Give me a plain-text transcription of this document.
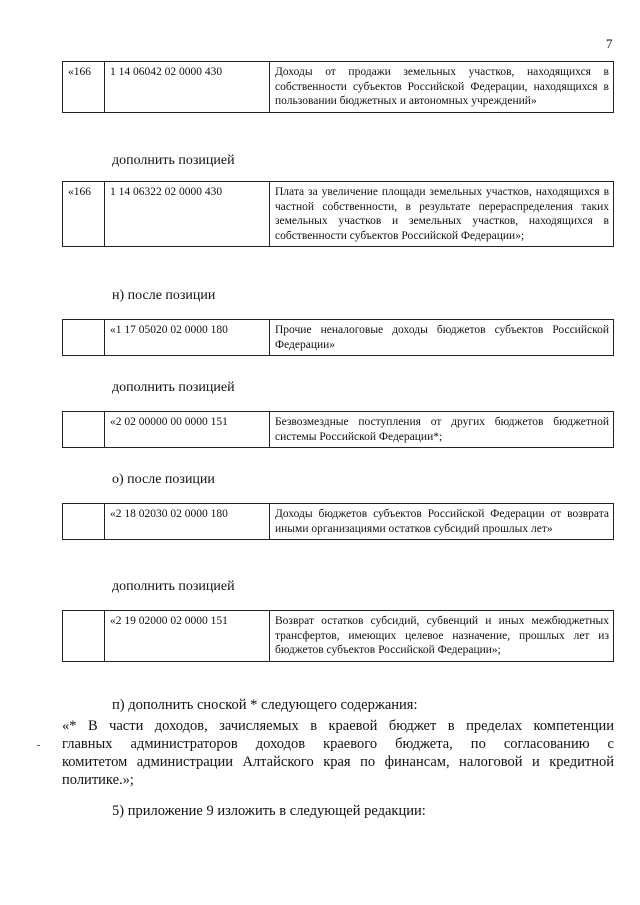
7
«166	1 14 06042 02 0000 430	Доходы от продажи земельных участков, находящихся в собственности субъектов Российской Федерации, находящихся в пользовании бюджетных и автономных учреждений»
дополнить позицией
«166	1 14 06322 02 0000 430	Плата за увеличение площади земельных участков, находящихся в частной собственности, в результате перераспределения таких земельных участков и земельных участков, находящихся в собственности субъектов Российской Федерации»;
н) после позиции
	«1 17 05020 02 0000 180	Прочие неналоговые доходы бюджетов субъектов Российской Федерации»
дополнить позицией
	«2 02 00000 00 0000 151	Безвозмездные поступления от других бюджетов бюджетной системы Российской Федерации*;
о) после позиции
	«2 18 02030 02 0000 180	Доходы бюджетов субъектов Российской Федерации от возврата иными организациями остатков субсидий прошлых лет»
дополнить позицией
	«2 19 02000 02 0000 151	Возврат остатков субсидий, субвенций и иных межбюджетных трансфертов, имеющих целевое назначение, прошлых лет из бюджетов субъектов Российской Федерации»;
п) дополнить сноской * следующего содержания:
«* В части доходов, зачисляемых в краевой бюджет в пределах компетенции
главных администраторов доходов краевого бюджета, по согласованию с
комитетом администрации Алтайского края по финансам, налоговой и кредитной
политике.»;
5) приложение 9 изложить в следующей редакции:
